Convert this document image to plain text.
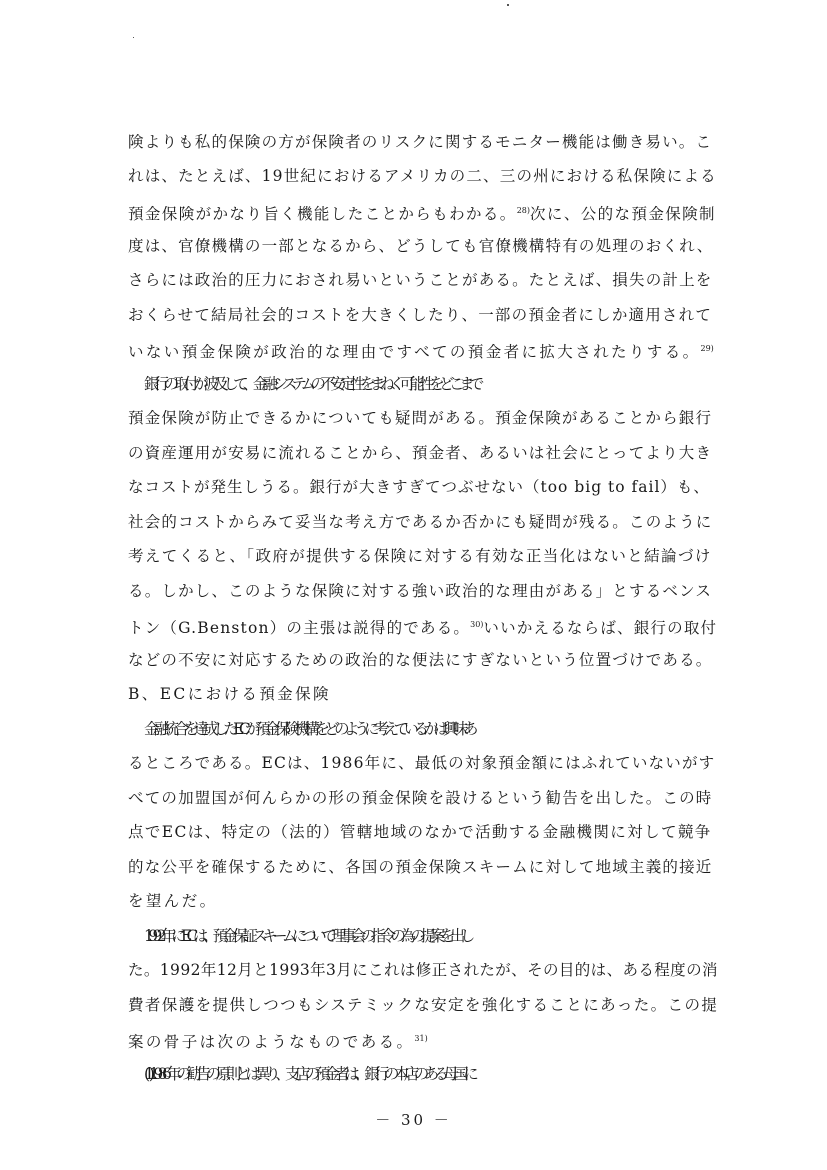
険よりも私的保険の方が保険者のリスクに関するモニター機能は働き易い。こ
れは、たとえば、19世紀におけるアメリカの二、三の州における私保険による
預金保険がかなり旨く機能したことからもわかる。$^{28)}$次に、公的な預金保険制
度は、官僚機構の一部となるから、どうしても官僚機構特有の処理のおくれ、
さらには政治的圧力におされ易いということがある。たとえば、損失の計上を
おくらせて結局社会的コストを大きくしたり、一部の預金者にしか適用されて
いない預金保険が政治的な理由ですべての預金者に拡大されたりする。$^{29)}$
銀行の取付が波及して、金融システムの不安定性をまねく可能性をどこまで
預金保険が防止できるかについても疑問がある。預金保険があることから銀行
の資産運用が安易に流れることから、預金者、あるいは社会にとってより大き
なコストが発生しうる。銀行が大きすぎてつぶせない（too big to fail）も、
社会的コストからみて妥当な考え方であるか否かにも疑問が残る。このように
考えてくると、「政府が提供する保険に対する有効な正当化はないと結論づけ
る。しかし、このような保険に対する強い政治的な理由がある」とするベンス
トン（G.Benston）の主張は説得的である。$^{30)}$いいかえるならば、銀行の取付
などの不安に対応するための政治的な便法にすぎないという位置づけである。
B、ECにおける預金保険
金融統合を達成したECが預金保険機構をどのように考えているかは興味あ
るところである。ECは、1986年に、最低の対象預金額にはふれていないがす
べての加盟国が何んらかの形の預金保険を設けるという勧告を出した。この時
点でECは、特定の（法的）管轄地域のなかで活動する金融機関に対して競争
的な公平を確保するために、各国の預金保険スキームに対して地域主義的接近
を望んだ。
1992年にECは、預金保証スキームについて理事会の指令の為の提案を出し
た。1992年12月と1993年3月にこれは修正されたが、その目的は、ある程度の消
費者保護を提供しつつもシステミックな安定を強化することにあった。この提
案の骨子は次のようなものである。$^{31)}$
(1)1986年の勧告の原則とは異り、支店の預金者は、銀行の本店のある母国に
－ 30 －
